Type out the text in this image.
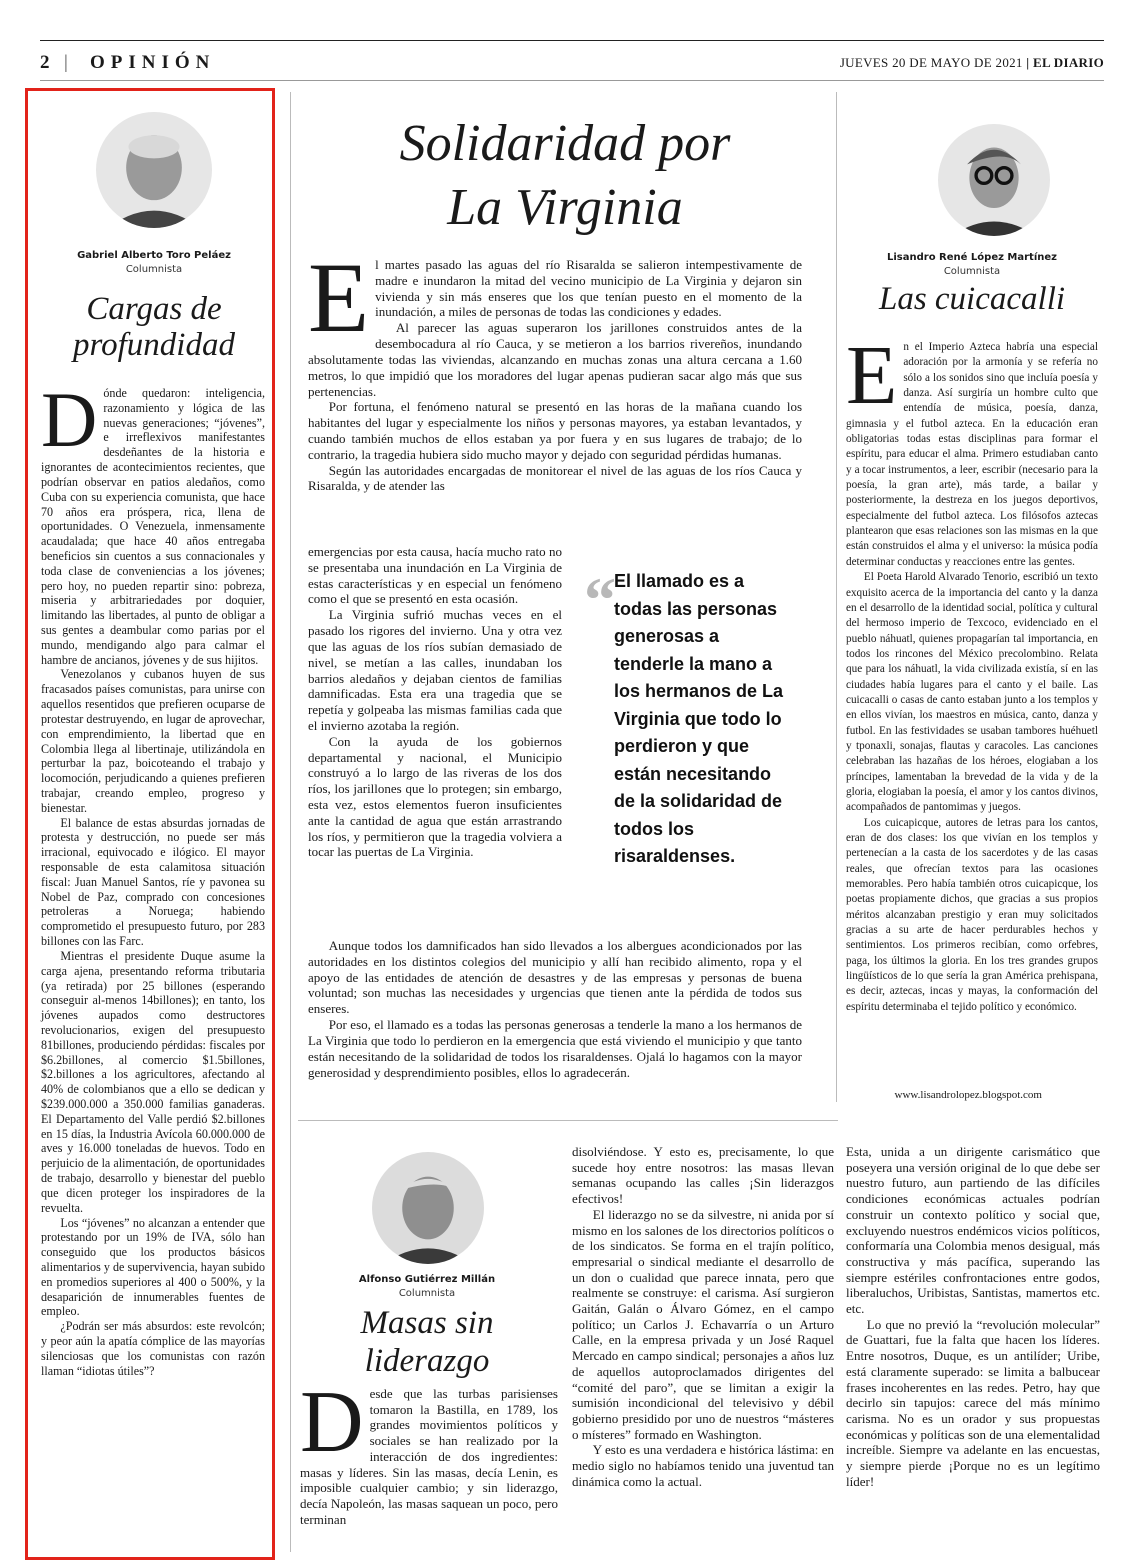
2 | OPINIÓN	JUEVES 20 DE MAYO DE 2021 | EL DIARIO
Gabriel Alberto Toro Peláez
Columnista
Cargas de profundidad

Dónde quedaron: inteligencia, razonamiento y lógica de las nuevas generaciones; “jóvenes”, e irreflexivos manifestantes desdeñantes de la historia e ignorantes de acontecimientos recientes, que podrían observar en patios aledaños, como Cuba con su experiencia comunista, que hace 70 años era próspera, rica, llena de oportunidades. O Venezuela, inmensamente acaudalada; que hace 40 años entregaba beneficios sin cuentos a sus connacionales y toda clase de conveniencias a los jóvenes; pero hoy, no pueden repartir sino: pobreza, miseria y arbitrariedades por doquier, limitando las libertades, al punto de obligar a sus gentes a deambular como parias por el mundo, mendigando algo para calmar el hambre de ancianos, jóvenes y de sus hijitos.

Venezolanos y cubanos huyen de sus fracasados países comunistas, para unirse con aquellos resentidos que prefieren ocuparse de protestar destruyendo, en lugar de aprovechar, con emprendimiento, la libertad que en Colombia llega al libertinaje, utilizándola en perturbar la paz, boicoteando el trabajo y locomoción, perjudicando a quienes prefieren trabajar, creando empleo, progreso y bienestar.

El balance de estas absurdas jornadas de protesta y destrucción, no puede ser más irracional, equivocado e ilógico. El mayor responsable de esta calamitosa situación fiscal: Juan Manuel Santos, ríe y pavonea su Nobel de Paz, comprado con concesiones petroleras a Noruega; habiendo comprometido el presupuesto futuro, por 283 billones con las Farc.

Mientras el presidente Duque asume la carga ajena, presentando reforma tributaria (ya retirada) por 25 billones (esperando conseguir al-menos 14billones); en tanto, los jóvenes aupados como destructores revolucionarios, exigen del presupuesto 81billones, produciendo pérdidas: fiscales por $6.2billones, al comercio $1.5billones, $2.billones a los agricultores, afectando al 40% de colombianos que a ello se dedican y $239.000.000 a 350.000 familias ganaderas. El Departamento del Valle perdió $2.billones en 15 días, la Industria Avícola 60.000.000 de aves y 16.000 toneladas de huevos. Todo en perjuicio de la alimentación, de oportunidades de trabajo, desarrollo y bienestar del pueblo que dicen proteger los inspiradores de la revuelta.

Los “jóvenes” no alcanzan a entender que protestando por un 19% de IVA, sólo han conseguido que los productos básicos alimentarios y de supervivencia, hayan subido en promedios superiores al 400 o 500%, y la desaparición de innumerables fuentes de empleo.

¿Podrán ser más absurdos: este revolcón; y peor aún la apatía cómplice de las mayorías silenciosas que los comunistas con razón llaman “idiotas útiles”?

Solidaridad por
La Virginia

El martes pasado las aguas del río Risaralda se salieron intempestivamente de madre e inundaron la mitad del vecino municipio de La Virginia y dejaron sin vivienda y sin más enseres que los que tenían puesto en el momento de la inundación, a miles de personas de todas las condiciones y edades.

Al parecer las aguas superaron los jarillones construidos antes de la desembocadura al río Cauca, y se metieron a los barrios rivereños, inundando absolutamente todas las viviendas, alcanzando en muchas zonas una altura cercana a 1.60 metros, lo que impidió que los moradores del lugar apenas pudieran sacar algo más que sus pertenencias.

Por fortuna, el fenómeno natural se presentó en las horas de la mañana cuando los habitantes del lugar y especialmente los niños y personas mayores, ya estaban levantados, y cuando también muchos de ellos estaban ya por fuera y en sus lugares de trabajo; de lo contrario, la tragedia hubiera sido mucho mayor y dejado con seguridad pérdidas humanas.

Según las autoridades encargadas de monitorear el nivel de las aguas de los ríos Cauca y Risaralda, y de atender las

emergencias por esta causa, hacía mucho rato no se presentaba una inundación en La Virginia de estas características y en especial un fenómeno como el que se presentó en esta ocasión.

La Virginia sufrió muchas veces en el pasado los rigores del invierno. Una y otra vez que las aguas de los ríos subían demasiado de nivel, se metían a las calles, inundaban los barrios aledaños y dejaban cientos de familias damnificadas. Esta era una tragedia que se repetía y golpeaba las mismas familias cada que el invierno azotaba la región.

Con la ayuda de los gobiernos departamental y nacional, el Municipio construyó a lo largo de las riveras de los dos ríos, los jarillones que lo protegen; sin embargo, esta vez, estos elementos fueron insuficientes ante la cantidad de agua que están arrastrando los ríos, y permitieron que la tragedia volviera a tocar las puertas de La Virginia.

“
El llamado es a todas las personas generosas a tenderle la mano a los hermanos de La Virginia que todo lo perdieron y que están necesitando de la solidaridad de todos los risaraldenses.

Aunque todos los damnificados han sido llevados a los albergues acondicionados por las autoridades en los distintos colegios del municipio y allí han recibido alimento, ropa y el apoyo de las entidades de atención de desastres y de las empresas y personas de buena voluntad; son muchas las necesidades y urgencias que tienen ante la pérdida de todos sus enseres.

Por eso, el llamado es a todas las personas generosas a tenderle la mano a los hermanos de La Virginia que todo lo perdieron en la emergencia que está viviendo el municipio y que tanto están necesitando de la solidaridad de todos los risaraldenses. Ojalá lo hagamos con la mayor generosidad y desprendimiento posibles, ellos lo agradecerán.

Lisandro René López Martínez
Columnista
Las cuicacalli

En el Imperio Azteca habría una especial adoración por la armonía y se refería no sólo a los sonidos sino que incluía poesía y danza. Así surgiría un hombre culto que entendía de música, poesía, danza, gimnasia y el futbol azteca. En la educación eran obligatorias todas estas disciplinas para formar el espíritu, para educar el alma. Primero estudiaban canto y a tocar instrumentos, a leer, escribir (necesario para la poesía, la gran arte), más tarde, a bailar y posteriormente, la destreza en los juegos deportivos, especialmente del futbol azteca. Los filósofos aztecas plantearon que esas relaciones son las mismas en la que están construidos el alma y el universo: la música podía determinar conductas y reacciones entre las gentes.

El Poeta Harold Alvarado Tenorio, escribió un texto exquisito acerca de la importancia del canto y la danza en el desarrollo de la identidad social, política y cultural del hermoso imperio de Texcoco, evidenciado en el pueblo náhuatl, quienes propagarían tal importancia, en todos los rincones del México precolombino. Relata que para los náhuatl, la vida civilizada existía, sí en las ciudades había lugares para el canto y el baile. Las cuicacalli o casas de canto estaban junto a los templos y en ellos vivían, los maestros en música, canto, danza y futbol. En las festividades se usaban tambores huéhuetl y tponaxli, sonajas, flautas y caracoles. Las canciones celebraban las hazañas de los héroes, elogiaban a los príncipes, lamentaban la brevedad de la vida y de la gloria, elogiaban la poesía, el amor y los cantos divinos, acompañados de pantomimas y juegos.

Los cuicapicque, autores de letras para los cantos, eran de dos clases: los que vivían en los templos y pertenecían a la casta de los sacerdotes y de las casas reales, que ofrecían textos para las ocasiones memorables. Pero había también otros cuicapicque, los poetas propiamente dichos, que gracias a sus propios méritos alcanzaban prestigio y eran muy solicitados gracias a su arte de hacer perdurables hechos y sentimientos. Los primeros recibían, como orfebres, paga, los últimos la gloria. En los tres grandes grupos lingüísticos de lo que sería la gran América prehispana, es decir, aztecas, incas y mayas, la conformación del espíritu determinaba el tejido político y económico.

www.lisandrolopez.blogspot.com
Alfonso Gutiérrez Millán
Columnista
Masas sin
liderazgo

Desde que las turbas parisienses tomaron la Bastilla, en 1789, los grandes movimientos políticos y sociales se han realizado por la interacción de dos ingredientes: masas y líderes. Sin las masas, decía Lenin, es imposible cualquier cambio; y sin liderazgo, decía Napoleón, las masas saquean un poco, pero terminan

disolviéndose. Y esto es, precisamente, lo que sucede hoy entre nosotros: las masas llevan semanas ocupando las calles ¡Sin liderazgos efectivos!

El liderazgo no se da silvestre, ni anida por sí mismo en los salones de los directorios políticos o de los sindicatos. Se forma en el trajín político, empresarial o sindical mediante el desarrollo de un don o cualidad que parece innata, pero que realmente se construye: el carisma. Así surgieron Gaitán, Galán o Álvaro Gómez, en el campo político; un Carlos J. Echavarría o un Arturo Calle, en la empresa privada y un José Raquel Mercado en campo sindical; personajes a años luz de aquellos autoproclamados dirigentes del “comité del paro”, que se limitan a exigir la sumisión incondicional del televisivo y débil gobierno presidido por uno de nuestros “másteres o místeres” formado en Washington.

Y esto es una verdadera e histórica lástima: en medio siglo no habíamos tenido una juventud tan dinámica como la actual.

Esta, unida a un dirigente carismático que poseyera una versión original de lo que debe ser nuestro futuro, aun partiendo de las difíciles condiciones económicas actuales podrían construir un contexto político y social que, excluyendo nuestros endémicos vicios políticos, conformaría una Colombia menos desigual, más constructiva y más pacífica, superando las siempre estériles confrontaciones entre godos, liberaluchos, Uribistas, Santistas, mamertos etc. etc.

Lo que no previó la “revolución molecular” de Guattari, fue la falta que hacen los líderes. Entre nosotros, Duque, es un antilíder; Uribe, está claramente superado: se limita a balbucear frases incoherentes en las redes. Petro, hay que decirlo sin tapujos: carece del más mínimo carisma. No es un orador y sus propuestas económicas y políticas son de una elementalidad increíble. Siempre va adelante en las encuestas, y siempre pierde ¡Porque no es un legítimo líder!
